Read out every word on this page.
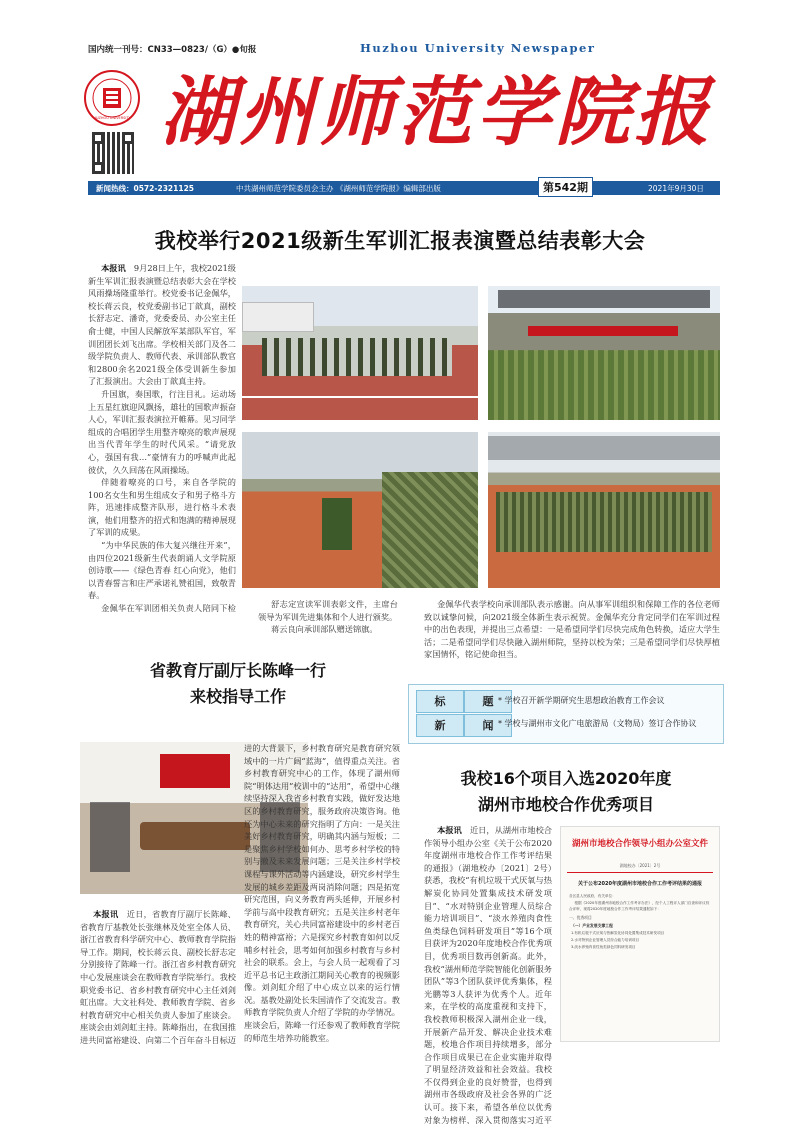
国内统一刊号：CN33—0823/（G）●旬报	Huzhou University Newspaper
HUZHOU UNIVERSITY 湖州师范学院报
新闻热线：0572-2321125	中共湖州师范学院委员会主办 《湖州师范学院报》编辑部出版	第542期	2021年9月30日
我校举行2021级新生军训汇报表演暨总结表彰大会

本报讯　 9月28日上午，我校2021级新生军训汇报表演暨总结表彰大会在学校风雨操场隆重举行。校党委书记金佩华，校长蒋云良，校党委副书记丁歆真，副校长舒志定、潘奇，党委委员、办公室主任俞士健，中国人民解放军某部队军官，军训团团长刘飞出席。学校相关部门及各二级学院负责人、教师代表、承训部队教官和2800余名2021级全体受训新生参加了汇报演出。大会由丁歆真主持。

升国旗，奏国歌，行注目礼。运动场上五星红旗迎风飘扬，雄壮的国歌声振奋人心，军训汇报表演拉开帷幕。见习同学组成的合唱团学生用整齐嘹亮的歌声展现出当代青年学生的时代风采。“请党放心，强国有我…”豪情有力的呼喊声此起彼伏，久久回荡在风雨操场。

伴随着嘹亮的口号，来自各学院的100名女生和男生组成女子和男子格斗方阵，迅速排成整齐队形，进行格斗术表演，他们用整齐的招式和饱满的精神展现了军训的成果。

“为中华民族的伟大复兴继往开来”，由四位2021级新生代表朗诵人文学院原创诗歌——《绿色青春 红心向党》，他们以青春誓言和庄严承诺礼赞祖国，致敬青春。

金佩华在军训团相关负责人陪同下检	舒志定宣读军训表彰文件，主席台领导为军训先进集体和个人进行颁奖。

蒋云良向承训部队赠送锦旗。

金佩华代表学校向承训部队表示感谢。向从事军训组织和保障工作的各位老师致以诚挚问候，向2021级全体新生表示祝贺。金佩华充分肯定同学们在军训过程中的出色表现，并提出三点希望：一是希望同学们尽快完成角色转换，适应大学生活；二是希望同学们尽快融入湖州师院，坚持以校为荣；三是希望同学们尽快厚植家国情怀，铭记使命担当。

省教育厅副厅长陈峰一行
来校指导工作

本报讯　 近日，省教育厅副厅长陈峰、省教育厅基教处长张继林及处室全体人员、浙江省教育科学研究中心、教师教育学院指导工作。期间，校长蒋云良、副校长舒志定分别接待了陈峰一行。浙江省乡村教育研究中心发展座谈会在教师教育学院举行。我校职党委书记、省乡村教育研究中心主任刘剑虹出席。大文社科处、教师教育学院、省乡村教育研究中心相关负责人参加了座谈会。座谈会由刘剑虹主持。陈峰指出，在我国推进共同富裕建设、向第二个百年奋斗目标迈进的大背景下，乡村教育研究是教育研究领域中的一片广阔“蓝海”，值得重点关注。省乡村教育研究中心的工作，体现了湖州师院“明体达用”校训中的“达用”，希望中心继续坚持深入我省乡村教育实践，做好发达地区的乡村教育研究，服务政府决策咨询。他还为中心未来的研究指明了方向：一是关注美好乡村教育研究，明确其内涵与短板；二是聚焦乡村学校如何办、思考乡村学校的特别与撤及未来发展问题；三是关注乡村学校课程与课外活动等内涵建设，研究乡村学生发展的城乡差距及两岗消除问题；四是拓宽研究范围，向义务教育两头延伸，开展乡村学前与高中段教育研究；五是关注乡村老年教育研究，关心共同富裕建设中的乡村老百姓的精神富裕；六是探究乡村教育如何以反哺乡村社会，思考如何加强乡村教育与乡村社会的联系。会上，与会人员一起观看了习近平总书记主政浙江期间关心教育的视频影像。刘剑虹介绍了中心成立以来的运行情况。基教处副处长朱国清作了交流发言。教师教育学院负责人介绍了学院的办学情况。座谈会后，陈峰一行还参观了教师教育学院的师范生培养功能教室。

标	题
新	闻
* 学校召开新学期研究生思想政治教育工作会议
* 学校与湖州市文化广电旅游局（文物局）签订合作协议
我校16个项目入选2020年度
湖州市地校合作优秀项目

本报讯　 近日，从湖州市地校合作领导小组办公室《关于公布2020年度湖州市地校合作工作考评结果的通报》（湖地校办〔2021〕2号）获悉，我校“有机垃圾干式厌氧与热解炭化协同处置集成技术研发项目”、“水对特别企业管理人员综合能力培训项目”、“淡水养殖肉食性鱼类绿色饲料研发项目”等16个项目获评为2020年度地校合作优秀项目，优秀项目数再创新高。此外，我校“湖州师范学院智能化创新服务团队”等3个团队获评优秀集体，程光鹏等3人获评为优秀个人。近年来，在学校的高度重视和支持下，我校教师积极深入湖州企业一线，开展新产品开发、解决企业技术难题，校地合作项目持续增多，部分合作项目成果已在企业实施并取得了明显经济效益和社会效益。我校不仅得到企业的良好赞誉，也得到湖州市各级政府及社会各界的广泛认可。接下来，希望各单位以优秀对象为榜样，深入贯彻落实习近平

湖州市地校合作领导小组办公室文件
湖地校办〔2021〕2号
关于公布2020年度湖州市地校合作工作考评结果的通报
各区县人民政府，有关单位：
根据《2020年度湖州市地校合作工作考评办法》，经个人工程评人部门自查和评议综合评审，现将2020年度地校合作工作考评结果通报如下：
一、优秀项目
（一）产业发展支撑工程
1.有机垃圾干式厌氧与热解炭化协同处置集成技术研发项目
2.水对特别企业管理人员综合能力培训项目
3.淡水养殖肉食性鱼类绿色饲料研发项目
